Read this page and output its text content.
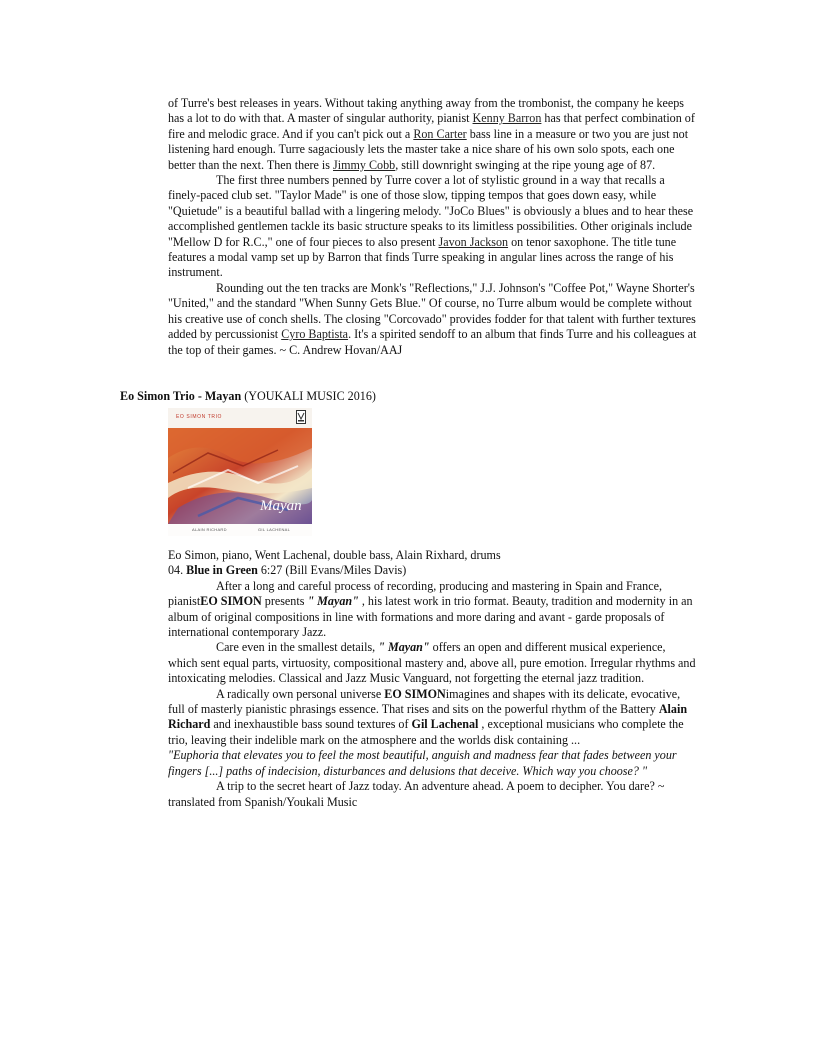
of Turre's best releases in years. Without taking anything away from the trombonist, the company he keeps has a lot to do with that. A master of singular authority, pianist Kenny Barron has that perfect combination of fire and melodic grace. And if you can't pick out a Ron Carter bass line in a measure or two you are just not listening hard enough. Turre sagaciously lets the master take a nice share of his own solo spots, each one better than the next. Then there is Jimmy Cobb, still downright swinging at the ripe young age of 87.

The first three numbers penned by Turre cover a lot of stylistic ground in a way that recalls a finely-paced club set. "Taylor Made" is one of those slow, tipping tempos that goes down easy, while "Quietude" is a beautiful ballad with a lingering melody. "JoCo Blues" is obviously a blues and to hear these accomplished gentlemen tackle its basic structure speaks to its limitless possibilities. Other originals include "Mellow D for R.C.," one of four pieces to also present Javon Jackson on tenor saxophone. The title tune features a modal vamp set up by Barron that finds Turre speaking in angular lines across the range of his instrument.

Rounding out the ten tracks are Monk's "Reflections," J.J. Johnson's "Coffee Pot," Wayne Shorter's "United," and the standard "When Sunny Gets Blue." Of course, no Turre album would be complete without his creative use of conch shells. The closing "Corcovado" provides fodder for that talent with further textures added by percussionist Cyro Baptista. It's a spirited sendoff to an album that finds Turre and his colleagues at the top of their games. ~ C. Andrew Hovan/AAJ

Eo Simon Trio - Mayan (YOUKALI MUSIC 2016)
EO SIMON TRIO
Mayan
ALAIN RICHARD	GIL LACHENAL

Eo Simon, piano, Went Lachenal, double bass, Alain Rixhard, drums

04. Blue in Green 6:27 (Bill Evans/Miles Davis)

After a long and careful process of recording, producing and mastering in Spain and France, pianistEO SIMON presents " Mayan" , his latest work in trio format. Beauty, tradition and modernity in an album of original compositions in line with formations and more daring and avant - garde proposals of international contemporary Jazz.

Care even in the smallest details, " Mayan" offers an open and different musical experience, which sent equal parts, virtuosity, compositional mastery and, above all, pure emotion. Irregular rhythms and intoxicating melodies. Classical and Jazz Music Vanguard, not forgetting the eternal jazz tradition.

A radically own personal universe EO SIMONimagines and shapes with its delicate, evocative, full of masterly pianistic phrasings essence. That rises and sits on the powerful rhythm of the Battery Alain Richard and inexhaustible bass sound textures of Gil Lachenal , exceptional musicians who complete the trio, leaving their indelible mark on the atmosphere and the worlds disk containing ...

"Euphoria that elevates you to feel the most beautiful, anguish and madness fear that fades between your fingers [...] paths of indecision, disturbances and delusions that deceive. Which way you choose? "

A trip to the secret heart of Jazz today. An adventure ahead. A poem to decipher. You dare? ~ translated from Spanish/Youkali Music
